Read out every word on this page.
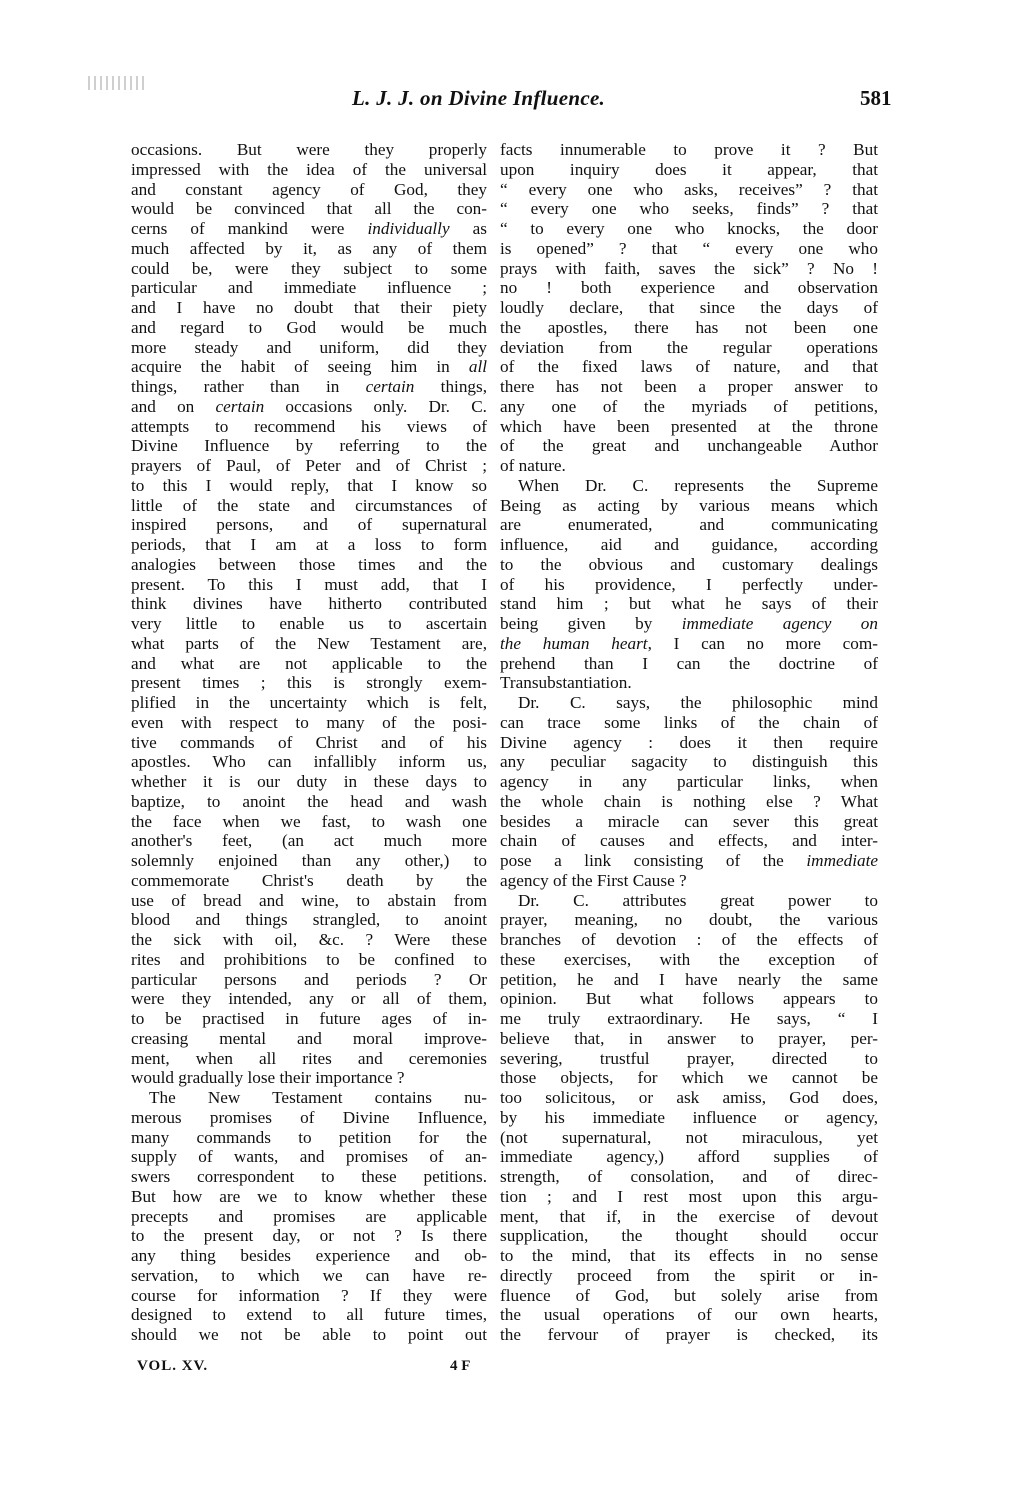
L. J. J. on Divine Influence.	581
occasions. But were they properly
impressed with the idea of the universal
and constant agency of God, they
would be convinced that all the con-
cerns of mankind were individually as
much affected by it, as any of them
could be, were they subject to some
particular and immediate influence ;
and I have no doubt that their piety
and regard to God would be much
more steady and uniform, did they
acquire the habit of seeing him in all
things, rather than in certain things,
and on certain occasions only. Dr. C.
attempts to recommend his views of
Divine Influence by referring to the
prayers of Paul, of Peter and of Christ ;
to this I would reply, that I know so
little of the state and circumstances of
inspired persons, and of supernatural
periods, that I am at a loss to form
analogies between those times and the
present. To this I must add, that I
think divines have hitherto contributed
very little to enable us to ascertain
what parts of the New Testament are,
and what are not applicable to the
present times ; this is strongly exem-
plified in the uncertainty which is felt,
even with respect to many of the posi-
tive commands of Christ and of his
apostles. Who can infallibly inform us,
whether it is our duty in these days to
baptize, to anoint the head and wash
the face when we fast, to wash one
another's feet, (an act much more
solemnly enjoined than any other,) to
commemorate Christ's death by the
use of bread and wine, to abstain from
blood and things strangled, to anoint
the sick with oil, &c. ? Were these
rites and prohibitions to be confined to
particular persons and periods ? Or
were they intended, any or all of them,
to be practised in future ages of in-
creasing mental and moral improve-
ment, when all rites and ceremonies
would gradually lose their importance ?
The New Testament contains nu-
merous promises of Divine Influence,
many commands to petition for the
supply of wants, and promises of an-
swers correspondent to these petitions.
But how are we to know whether these
precepts and promises are applicable
to the present day, or not ? Is there
any thing besides experience and ob-
servation, to which we can have re-
course for information ? If they were
designed to extend to all future times,
should we not be able to point out
facts innumerable to prove it ? But
upon inquiry does it appear, that
“ every one who asks, receives” ? that
“ every one who seeks, finds” ? that
“ to every one who knocks, the door
is opened” ? that “ every one who
prays with faith, saves the sick” ? No !
no ! both experience and observation
loudly declare, that since the days of
the apostles, there has not been one
deviation from the regular operations
of the fixed laws of nature, and that
there has not been a proper answer to
any one of the myriads of petitions,
which have been presented at the throne
of the great and unchangeable Author
of nature.
When Dr. C. represents the Supreme
Being as acting by various means which
are enumerated, and communicating
influence, aid and guidance, according
to the obvious and customary dealings
of his providence, I perfectly under-
stand him ; but what he says of their
being given by immediate agency on
the human heart, I can no more com-
prehend than I can the doctrine of
Transubstantiation.
Dr. C. says, the philosophic mind
can trace some links of the chain of
Divine agency : does it then require
any peculiar sagacity to distinguish this
agency in any particular links, when
the whole chain is nothing else ? What
besides a miracle can sever this great
chain of causes and effects, and inter-
pose a link consisting of the immediate
agency of the First Cause ?
Dr. C. attributes great power to
prayer, meaning, no doubt, the various
branches of devotion : of the effects of
these exercises, with the exception of
petition, he and I have nearly the same
opinion. But what follows appears to
me truly extraordinary. He says, “ I
believe that, in answer to prayer, per-
severing, trustful prayer, directed to
those objects, for which we cannot be
too solicitous, or ask amiss, God does,
by his immediate influence or agency,
(not supernatural, not miraculous, yet
immediate agency,) afford supplies of
strength, of consolation, and of direc-
tion ; and I rest most upon this argu-
ment, that if, in the exercise of devout
supplication, the thought should occur
to the mind, that its effects in no sense
directly proceed from the spirit or in-
fluence of God, but solely arise from
the usual operations of our own hearts,
the fervour of prayer is checked, its
VOL. XV.	4 F
